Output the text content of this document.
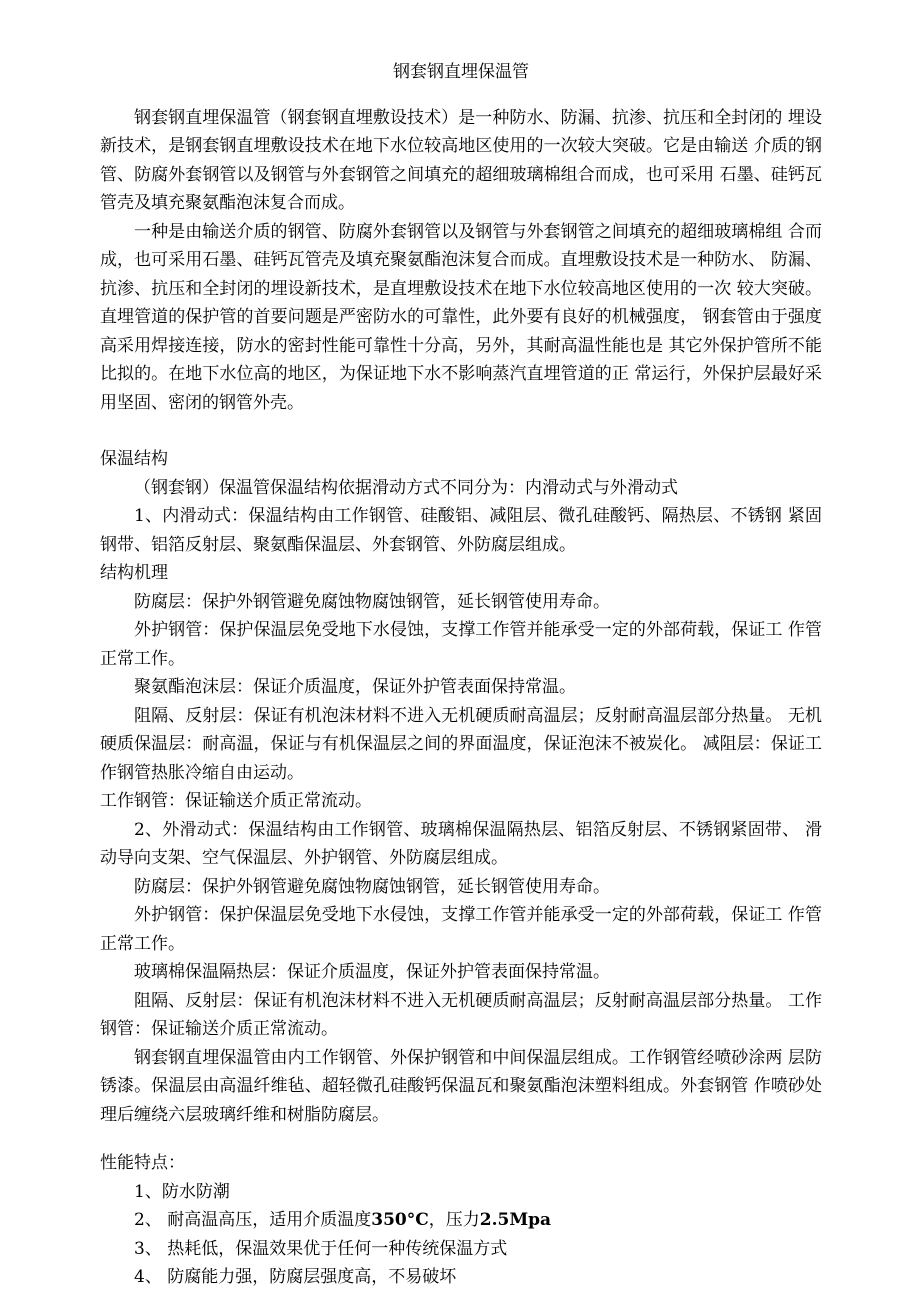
钢套钢直埋保温管

钢套钢直埋保温管（钢套钢直埋敷设技术）是一种防水、防漏、抗渗、抗压和全封闭的 埋设新技术，是钢套钢直埋敷设技术在地下水位较高地区使用的一次较大突破。它是由输送 介质的钢管、防腐外套钢管以及钢管与外套钢管之间填充的超细玻璃棉组合而成，也可采用 石墨、硅钙瓦管壳及填充聚氨酯泡沫复合而成。

一种是由输送介质的钢管、防腐外套钢管以及钢管与外套钢管之间填充的超细玻璃棉组 合而成，也可采用石墨、硅钙瓦管壳及填充聚氨酯泡沫复合而成。直埋敷设技术是一种防水、 防漏、抗渗、抗压和全封闭的埋设新技术，是直埋敷设技术在地下水位较高地区使用的一次 较大突破。直埋管道的保护管的首要问题是严密防水的可靠性，此外要有良好的机械强度， 钢套管由于强度高采用焊接连接，防水的密封性能可靠性十分高，另外，其耐高温性能也是 其它外保护管所不能比拟的。在地下水位高的地区，为保证地下水不影响蒸汽直埋管道的正 常运行，外保护层最好采用坚固、密闭的钢管外壳。

保温结构

（钢套钢）保温管保温结构依据滑动方式不同分为：内滑动式与外滑动式

1、内滑动式：保温结构由工作钢管、硅酸铝、减阻层、微孔硅酸钙、隔热层、不锈钢 紧固钢带、铝箔反射层、聚氨酯保温层、外套钢管、外防腐层组成。

结构机理

防腐层：保护外钢管避免腐蚀物腐蚀钢管，延长钢管使用寿命。

外护钢管：保护保温层免受地下水侵蚀，支撑工作管并能承受一定的外部荷载，保证工 作管正常工作。

聚氨酯泡沫层：保证介质温度，保证外护管表面保持常温。

阻隔、反射层：保证有机泡沫材料不进入无机硬质耐高温层；反射耐高温层部分热量。 无机硬质保温层：耐高温，保证与有机保温层之间的界面温度，保证泡沫不被炭化。 减阻层：保证工作钢管热胀冷缩自由运动。

工作钢管：保证输送介质正常流动。

2、外滑动式：保温结构由工作钢管、玻璃棉保温隔热层、铝箔反射层、不锈钢紧固带、 滑动导向支架、空气保温层、外护钢管、外防腐层组成。

防腐层：保护外钢管避免腐蚀物腐蚀钢管，延长钢管使用寿命。

外护钢管：保护保温层免受地下水侵蚀，支撑工作管并能承受一定的外部荷载，保证工 作管正常工作。

玻璃棉保温隔热层：保证介质温度，保证外护管表面保持常温。

阻隔、反射层：保证有机泡沫材料不进入无机硬质耐高温层；反射耐高温层部分热量。 工作钢管：保证输送介质正常流动。

钢套钢直埋保温管由内工作钢管、外保护钢管和中间保温层组成。工作钢管经喷砂涂两 层防锈漆。保温层由高温纤维毡、超轻微孔硅酸钙保温瓦和聚氨酯泡沫塑料组成。外套钢管 作喷砂处理后缠绕六层玻璃纤维和树脂防腐层。

性能特点：

1、防水防潮

2、 耐高温高压，适用介质温度350°C，压力2.5Mpa

3、 热耗低，保温效果优于任何一种传统保温方式

4、 防腐能力强，防腐层强度高，不易破坏
